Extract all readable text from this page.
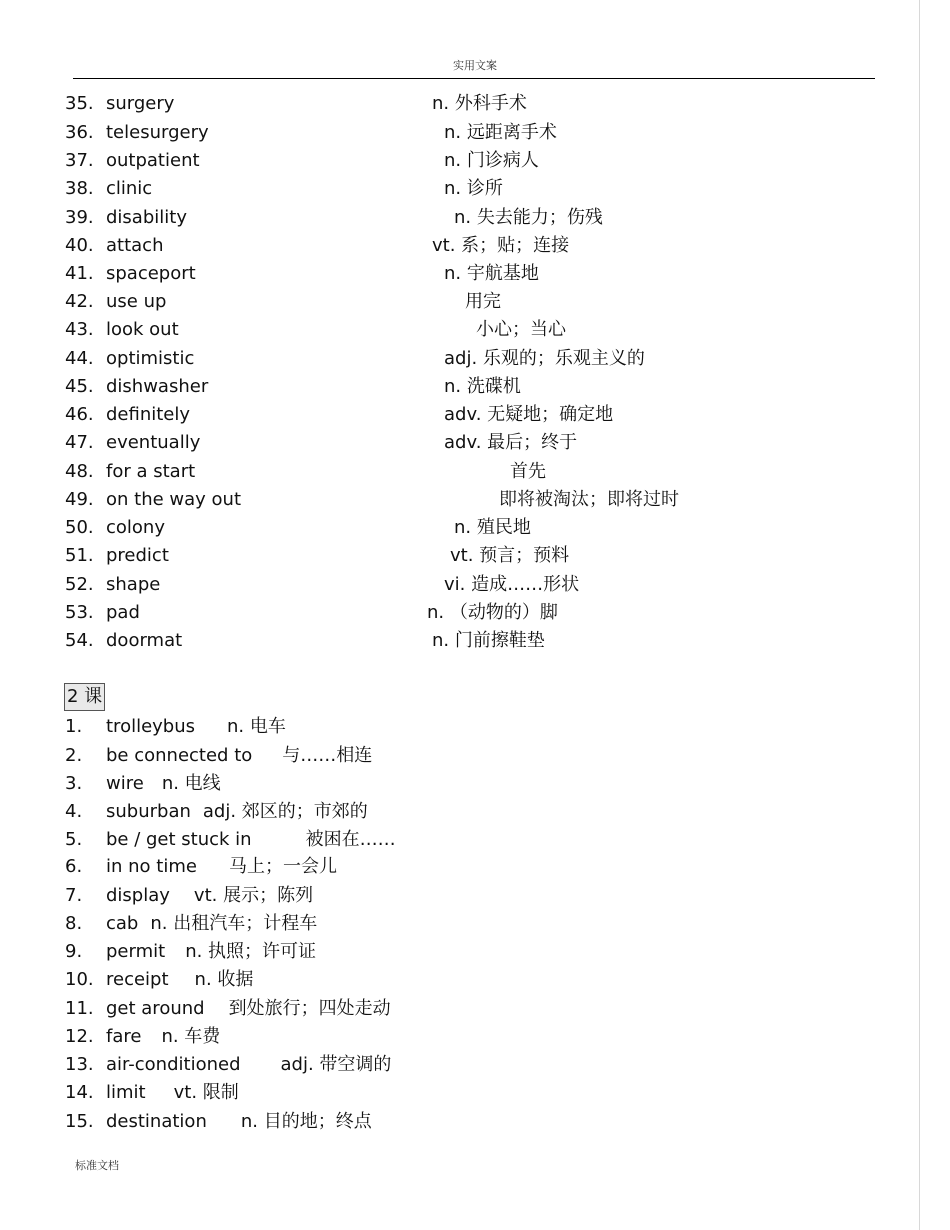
实用文案
35. surgery	n. 外科手术
36. telesurgery	n. 远距离手术
37. outpatient	n. 门诊病人
38. clinic	n. 诊所
39. disability	n. 失去能力；伤残
40. attach	vt. 系；贴；连接
41. spaceport	n. 宇航基地
42. use up	用完
43. look out	小心；当心
44. optimistic	adj. 乐观的；乐观主义的
45. dishwasher	n. 洗碟机
46. definitely	adv. 无疑地；确定地
47. eventually	adv. 最后；终于
48. for a start	首先
49. on the way out	即将被淘汰；即将过时
50. colony	n. 殖民地
51. predict	vt. 预言；预料
52. shape	vi. 造成……形状
53. pad	n. （动物的）脚
54. doormat	n. 门前擦鞋垫
2 课
1. trolleybus n. 电车
2. be connected to 与……相连
3. wire n. 电线
4. suburban adj. 郊区的；市郊的
5. be / get stuck in	被困在……
6. in no time 马上；一会儿
7. display vt. 展示；陈列
8. cab n. 出租汽车；计程车
9. permit n. 执照；许可证
10. receipt n. 收据
11. get around 到处旅行；四处走动
12. fare n. 车费
13. air-conditioned adj. 带空调的
14. limit vt. 限制
15. destination n. 目的地；终点
标准文档
